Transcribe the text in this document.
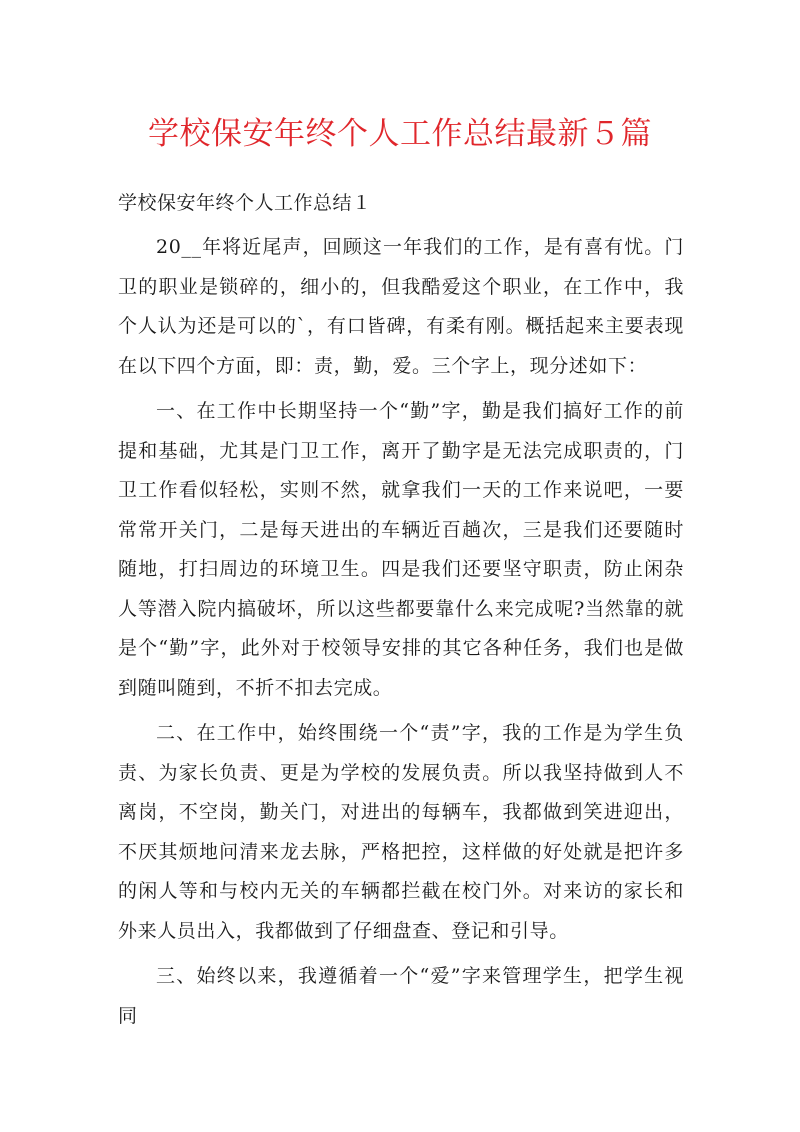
学校保安年终个人工作总结最新５篇

学校保安年终个人工作总结１

20__年将近尾声，回顾这一年我们的工作，是有喜有忧。门卫的职业是锁碎的，细小的，但我酷爱这个职业，在工作中，我个人认为还是可以的`，有口皆碑，有柔有刚。概括起来主要表现在以下四个方面，即：责，勤，爱。三个字上，现分述如下：

一、在工作中长期坚持一个“勤”字，勤是我们搞好工作的前提和基础，尤其是门卫工作，离开了勤字是无法完成职责的，门卫工作看似轻松，实则不然，就拿我们一天的工作来说吧，一要常常开关门，二是每天进出的车辆近百趟次，三是我们还要随时随地，打扫周边的环境卫生。四是我们还要坚守职责，防止闲杂人等潜入院内搞破坏，所以这些都要靠什么来完成呢?当然靠的就是个“勤”字，此外对于校领导安排的其它各种任务，我们也是做到随叫随到，不折不扣去完成。

二、在工作中，始终围绕一个“责”字，我的工作是为学生负责、为家长负责、更是为学校的发展负责。所以我坚持做到人不离岗，不空岗，勤关门，对进出的每辆车，我都做到笑进迎出，不厌其烦地问清来龙去脉，严格把控，这样做的好处就是把许多的闲人等和与校内无关的车辆都拦截在校门外。对来访的家长和外来人员出入，我都做到了仔细盘查、登记和引导。

三、始终以来，我遵循着一个“爱”字来管理学生，把学生视同
